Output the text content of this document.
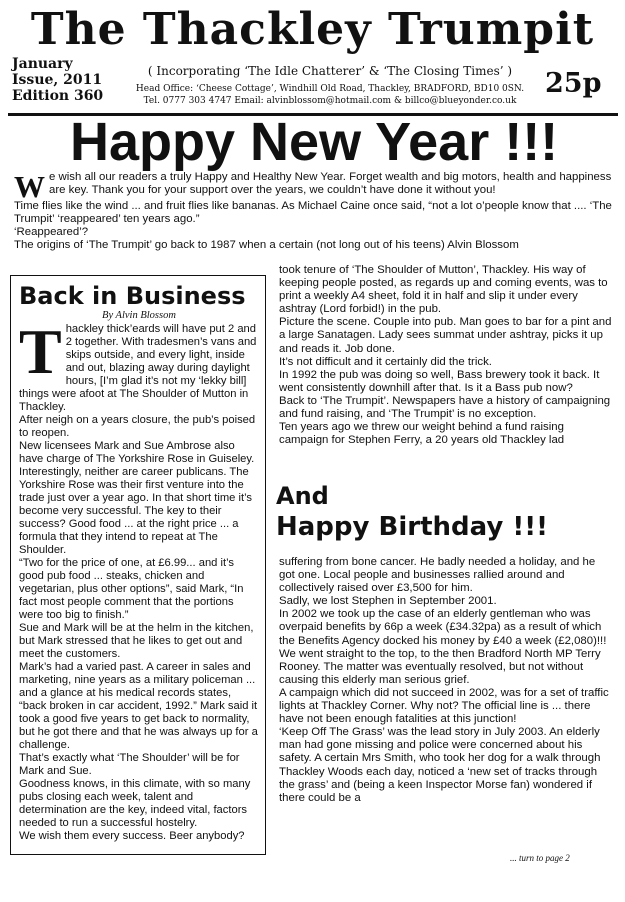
The Thackley Trumpit
January
Issue, 2011
Edition 360
( Incorporating ‘The Idle Chatterer’ & ‘The Closing Times’ )
Head Office: ‘Cheese Cottage’, Windhill Old Road, Thackley, BRADFORD, BD10 0SN.
Tel. 0777 303 4747 Email: alvinblossom@hotmail.com & billco@blueyonder.co.uk
25p
Happy New Year !!!

We wish all our readers a truly Happy and Healthy New Year. Forget wealth and big motors, health and happiness are key. Thank you for your support over the years, we couldn’t have done it without you!

Time flies like the wind ... and fruit flies like bananas. As Michael Caine once said, “not a lot o’people know that .... ‘The Trumpit’ ‘reappeared’ ten years ago.”

‘Reappeared’?

The origins of ‘The Trumpit’ go back to 1987 when a certain (not long out of his teens) Alvin Blossom

took tenure of ‘The Shoulder of Mutton’, Thackley. His way of keeping people posted, as regards up and coming events, was to print a weekly A4 sheet, fold it in half and slip it under every ashtray (Lord forbid!) in the pub.

Picture the scene. Couple into pub. Man goes to bar for a pint and a large Sanatagen. Lady sees summat under ashtray, picks it up and reads it. Job done.

It’s not difficult and it certainly did the trick.

In 1992 the pub was doing so well, Bass brewery took it back. It went consistently downhill after that. Is it a Bass pub now?

Back to ‘The Trumpit’. Newspapers have a history of campaigning and fund raising, and ‘The Trumpit’ is no exception.

Ten years ago we threw our weight behind a fund raising campaign for Stephen Ferry, a 20 years old Thackley lad

And
Happy Birthday !!!

suffering from bone cancer. He badly needed a holiday, and he got one. Local people and businesses rallied around and collectively raised over £3,500 for him.

Sadly, we lost Stephen in September 2001.

In 2002 we took up the case of an elderly gentleman who was overpaid benefits by 66p a week (£34.32pa) as a result of which the Benefits Agency docked his money by £40 a week (£2,080)!!!

We went straight to the top, to the then Bradford North MP Terry Rooney. The matter was eventually resolved, but not without causing this elderly man serious grief.

A campaign which did not succeed in 2002, was for a set of traffic lights at Thackley Corner. Why not? The official line is ... there have not been enough fatalities at this junction!

‘Keep Off The Grass’ was the lead story in July 2003. An elderly man had gone missing and police were concerned about his safety. A certain Mrs Smith, who took her dog for a walk through Thackley Woods each day, noticed a ‘new set of tracks through the grass’ and (being a keen Inspector Morse fan) wondered if there could be a

... turn to page 2

Back in Business

By Alvin Blossom

Thackley thick’eards will have put 2 and 2 together. With tradesmen’s vans and skips outside, and every light, inside and out, blazing away during daylight hours, [I’m glad it’s not my ‘lekky bill] things were afoot at The Shoulder of Mutton in Thackley.

After neigh on a years closure, the pub’s poised to reopen.

New licensees Mark and Sue Ambrose also have charge of The Yorkshire Rose in Guiseley. Interestingly, neither are career publicans. The Yorkshire Rose was their first venture into the trade just over a year ago. In that short time it’s become very successful. The key to their success? Good food ... at the right price ... a formula that they intend to repeat at The Shoulder.

“Two for the price of one, at £6.99... and it’s good pub food ... steaks, chicken and vegetarian, plus other options”, said Mark, “In fact most people comment that the portions were too big to finish.”

Sue and Mark will be at the helm in the kitchen, but Mark stressed that he likes to get out and meet the customers.

Mark’s had a varied past. A career in sales and marketing, nine years as a military policeman ... and a glance at his medical records states, “back broken in car accident, 1992.” Mark said it took a good five years to get back to normality, but he got there and that he was always up for a challenge.

That’s exactly what ‘The Shoulder’ will be for Mark and Sue.

Goodness knows, in this climate, with so many pubs closing each week, talent and determination are the key, indeed vital, factors needed to run a successful hostelry.

We wish them every success. Beer anybody?
